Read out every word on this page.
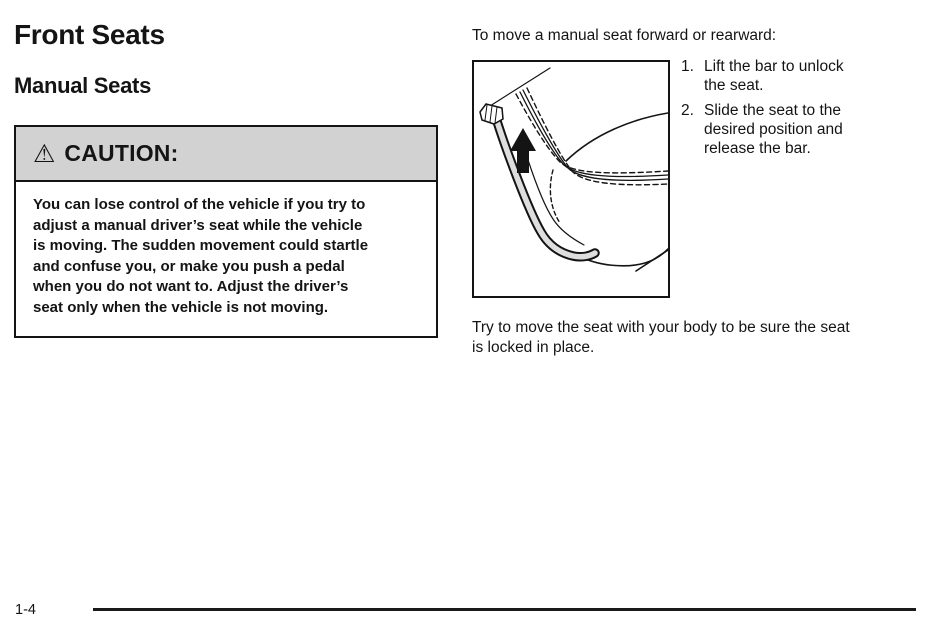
Front Seats
Manual Seats
⚠ CAUTION:
You can lose control of the vehicle if you try to
adjust a manual driver’s seat while the vehicle
is moving. The sudden movement could startle
and confuse you, or make you push a pedal
when you do not want to. Adjust the driver’s
seat only when the vehicle is not moving.
To move a manual seat forward or rearward:
1. Lift the bar to unlock
the seat.
2. Slide the seat to the
desired position and
release the bar.
Try to move the seat with your body to be sure the seat
is locked in place.
1-4
